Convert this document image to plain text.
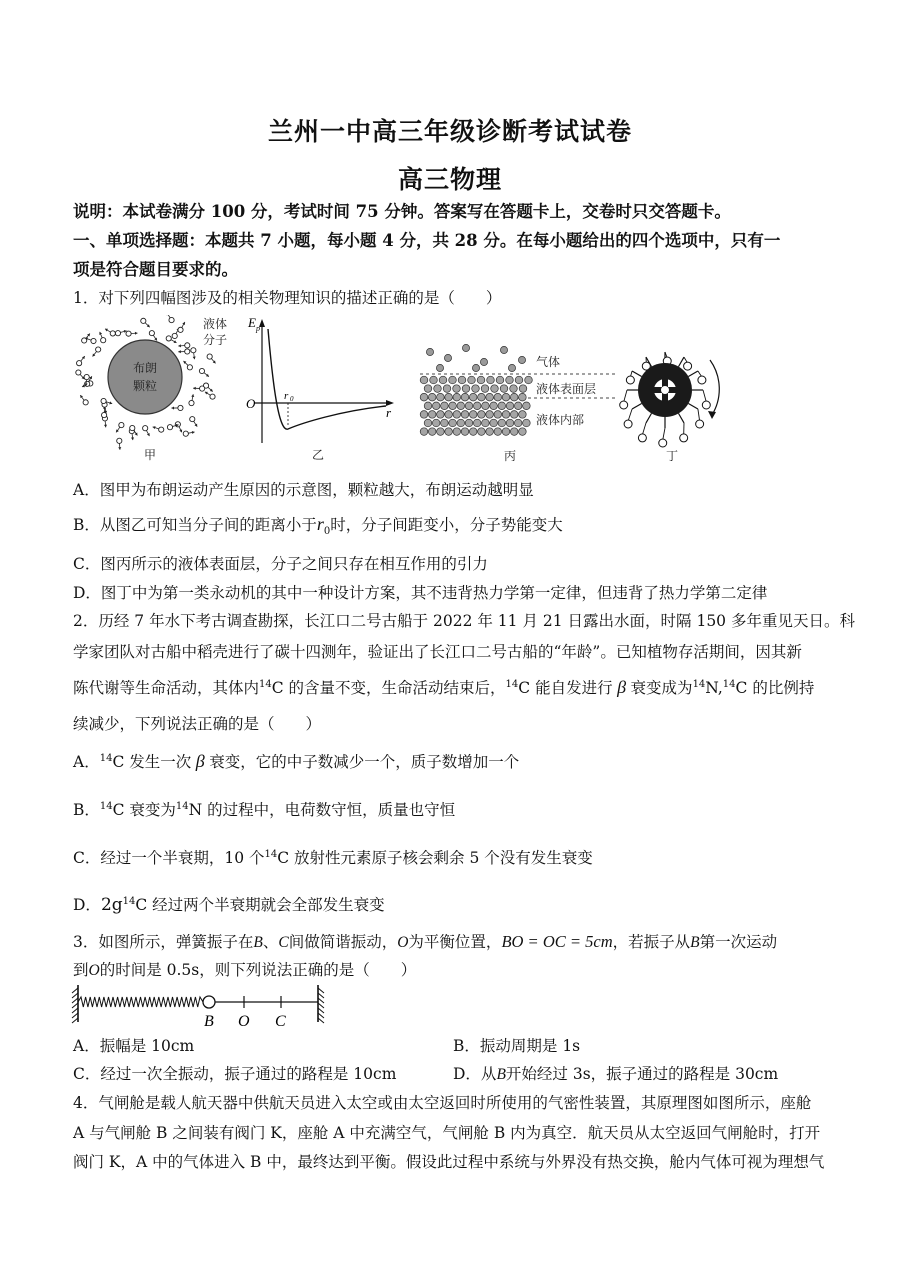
兰州一中高三年级诊断考试试卷
高三物理
说明：本试卷满分 100 分，考试时间 75 分钟。答案写在答题卡上，交卷时只交答题卡。
一、单项选择题：本题共 7 小题，每小题 4 分，共 28 分。在每小题给出的四个选项中，只有一
项是符合题目要求的。
1．对下列四幅图涉及的相关物理知识的描述正确的是（　　）
布朗
颗粒
液体
分子
甲
E p
O
r
r 0
乙
气体
液体表面层
液体内部
丙	丁
A．图甲为布朗运动产生原因的示意图，颗粒越大，布朗运动越明显
B．从图乙可知当分子间的距离小于$r_0$时，分子间距变小，分子势能变大
C．图丙所示的液体表面层，分子之间只存在相互作用的引力
D．图丁中为第一类永动机的其中一种设计方案，其不违背热力学第一定律，但违背了热力学第二定律
2．历经 7 年水下考古调查勘探，长江口二号古船于 2022 年 11 月 21 日露出水面，时隔 150 多年重见天日。科
学家团队对古船中稻壳进行了碳十四测年，验证出了长江口二号古船的“年龄”。已知植物存活期间，因其新
陈代谢等生命活动，其体内$^{14}$C 的含量不变，生命活动结束后，$^{14}$C 能自发进行 β 衰变成为$^{14}$N,$^{14}$C 的比例持
续减少，下列说法正确的是（　　）
A．$^{14}$C 发生一次 β 衰变，它的中子数减少一个，质子数增加一个
B．$^{14}$C 衰变为$^{14}$N 的过程中，电荷数守恒，质量也守恒
C．经过一个半衰期，10 个$^{14}$C 放射性元素原子核会剩余 5 个没有发生衰变
D．$2g^{14}C$ 经过两个半衰期就会全部发生衰变
3．如图所示，弹簧振子在B、C间做简谐振动，O为平衡位置，BO = OC = 5cm，若振子从B第一次运动
到O的时间是 0.5s，则下列说法正确的是（　　）
B O C
A．振幅是 10cm	B．振动周期是 1s
C．经过一次全振动，振子通过的路程是 10cm	D．从B开始经过 3s，振子通过的路程是 30cm
4．气闸舱是载人航天器中供航天员进入太空或由太空返回时所使用的气密性装置，其原理图如图所示，座舱
A 与气闸舱 B 之间装有阀门 K，座舱 A 中充满空气，气闸舱 B 内为真空．航天员从太空返回气闸舱时，打开
阀门 K，A 中的气体进入 B 中，最终达到平衡。假设此过程中系统与外界没有热交换，舱内气体可视为理想气
